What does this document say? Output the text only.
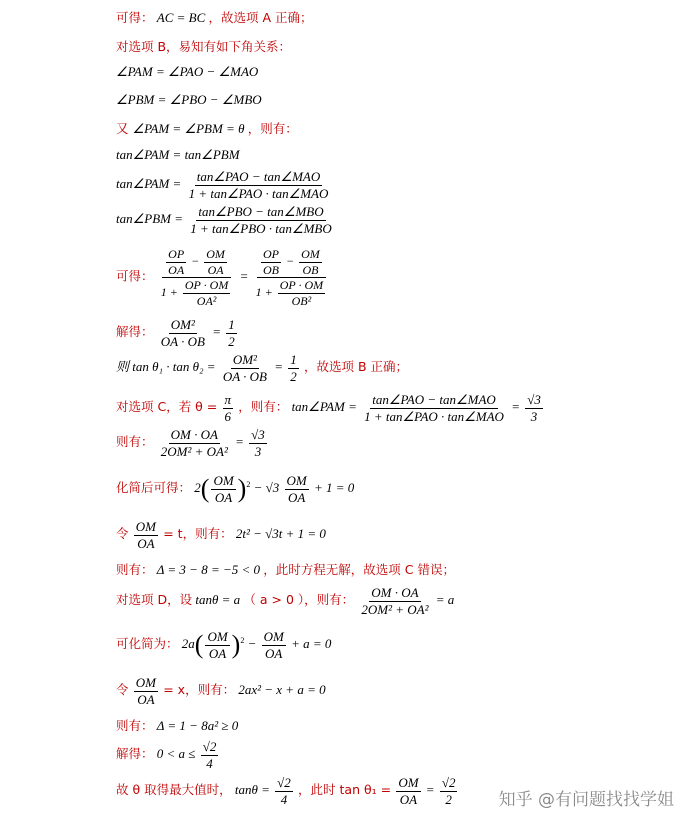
可得： AC = BC ，故选项 A 正确；
对选项 B，易知有如下角关系：
∠PAM = ∠PAO − ∠MAO
∠PBM = ∠PBO − ∠MBO
又 ∠PAM = ∠PBM = θ ，则有：
tan∠PAM = tan∠PBM
tan∠PAM = $\frac{\text{tan∠PAO − tan∠MAO}}{\text{1 + tan∠PAO · tan∠MAO}}$
tan∠PBM = $\frac{\text{tan∠PBO − tan∠MBO}}{\text{1 + tan∠PBO · tan∠MBO}}$
可得： $\frac{\frac{OP}{OA} - \frac{OM}{OA}}{1 + \frac{OP \cdot OM}{\text{OA²}}} = \frac{\frac{OP}{OB} - \frac{OM}{OB}}{1 + \frac{OP \cdot OM}{\text{OB²}}}$
解得： $\frac{\text{OM²}}{OA \cdot OB} = \frac{1}{2}$
则 $\tan \theta_1 \cdot \tan \theta_2 = \frac{\text{OM²}}{OA \cdot OB} = \frac{1}{2}$ ，故选项 B 正确；
对选项 C，若 $\theta = \frac{\pi}{6}$ ，则有： tan∠PAM = $\frac{\text{tan∠PAO − tan∠MAO}}{\text{1 + tan∠PAO · tan∠MAO}} = \frac{√3}{3}$
则有： $\frac{OM \cdot OA}{\text{2OM² + OA²}} = \frac{√3}{3}$
化简后可得： $2( \frac{OM}{OA} )^2 - √3 \frac{OM}{OA} + 1 = 0$
令 $\frac{OM}{OA} = t$，则有： 2t² − √3t + 1 = 0
则有： Δ = 3 − 8 = −5 < 0 ，此时方程无解，故选项 C 错误；
对选项 D，设 tanθ = a （ a > 0 ），则有： $\frac{OM \cdot OA}{\text{2OM² + OA²}} = a$
可化简为： $2a( \frac{OM}{OA} )^2 - \frac{OM}{OA} + a = 0$
令 $\frac{OM}{OA} = x$，则有： 2ax² − x + a = 0
则有： Δ = 1 − 8a² ≥ 0
解得： $0 < a \le \frac{√2}{4}$
故 θ 取得最大值时， $\tan\theta = \frac{√2}{4}$ ，此时 $\tan \theta_1 = \frac{OM}{OA} = \frac{√2}{2}$ 知乎 @有问题找找学姐
